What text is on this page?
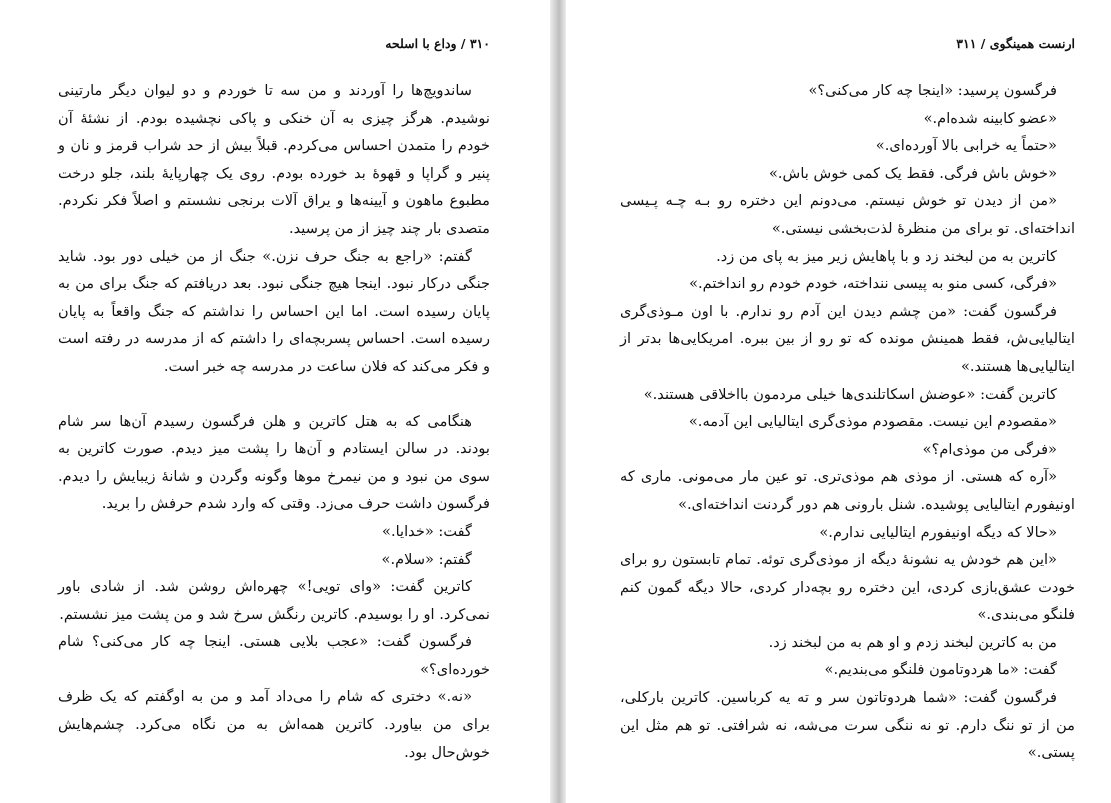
۳۱۰ / وداع با اسلحه

ساندویچ‌ها را آوردند و من سه تا خوردم و دو لیوان دیگر مارتینی نوشیدم. هرگز چیزی به آن خنکی و پاکی نچشیده بودم. از نشئهٔ آن خودم را متمدن احساس می‌کردم. قبلاً بیش از حد شراب قرمز و نان و پنیر و گراپا و قهوهٔ بد خورده بودم. روی یک چهارپایهٔ بلند، جلو درخت مطبوع ماهون و آیینه‌ها و یراق آلات برنجی نشستم و اصلاً فکر نکردم. متصدی بار چند چیز از من پرسید.

گفتم: «راجع به جنگ حرف نزن.» جنگ از من خیلی دور بود. شاید جنگی درکار نبود. اینجا هیچ جنگی نبود. بعد دریافتم که جنگ برای من به پایان رسیده است. اما این احساس را نداشتم که جنگ واقعاً به پایان رسیده است. احساس پسربچه‌ای را داشتم که از مدرسه در رفته است و فکر می‌کند که فلان ساعت در مدرسه چه خبر است.

هنگامی که به هتل کاترین و هلن فرگسون رسیدم آن‌ها سر شام بودند. در سالن ایستادم و آن‌ها را پشت میز دیدم. صورت کاترین به سوی من نبود و من نیمرخ موها وگونه وگردن و شانهٔ زیبایش را دیدم. فرگسون داشت حرف می‌زد. وقتی که وارد شدم حرفش را برید.

گفت: «خدایا.»

گفتم: «سلام.»

کاترین گفت: «وای تویی!» چهره‌اش روشن شد. از شادی باور نمی‌کرد. او را بوسیدم. کاترین رنگش سرخ شد و من پشت میز نشستم.

فرگسون گفت: «عجب بلایی هستی. اینجا چه کار می‌کنی؟ شام خورده‌ای؟»

«نه.» دختری که شام را می‌داد آمد و من به اوگفتم که یک ظرف برای من بیاورد. کاترین همه‌اش به من نگاه می‌کرد. چشم‌هایش خوش‌حال بود.

ارنست همینگوی / ۳۱۱

فرگسون پرسید: «اینجا چه کار می‌کنی؟»

«عضو کابینه شده‌ام.»

«حتماً یه خرابی بالا آورده‌ای.»

«خوش باش فرگی. فقط یک کمی خوش باش.»

«من از دیدن تو خوش نیستم. می‌دونم این دختره رو بـه چـه پـیسی انداخته‌ای. تو برای من منظرهٔ لذت‌بخشی نیستی.»

کاترین به من لبخند زد و با پاهایش زیر میز به پای من زد.

«فرگی، کسی منو به پیسی ننداخته، خودم خودم رو انداختم.»

فرگسون گفت: «من چشم دیدن این آدم رو ندارم. با اون مـوذی‌گری ایتالیایی‌ش، فقط همینش مونده که تو رو از بین ببره. امریکایی‌ها بدتر از ایتالیایی‌ها هستند.»

کاترین گفت: «عوضش اسکاتلندی‌ها خیلی مردمون بااخلاقی هستند.»

«مقصودم این نیست. مقصودم موذی‌گری ایتالیایی این آدمه.»

«فرگی من موذی‌ام؟»

«آره که هستی. از موذی هم موذی‌تری. تو عین مار می‌مونی. ماری که اونیفورم ایتالیایی پوشیده. شنل بارونی هم دور گردنت انداخته‌ای.»

«حالا که دیگه اونیفورم ایتالیایی ندارم.»

«این هم خودش یه نشونهٔ دیگه از موذی‌گری تو‌ئه. تمام تابستون رو برای خودت عشق‌بازی کردی، این دختره رو بچه‌دار کردی، حالا دیگه گمون کنم فلنگو می‌بندی.»

من به کاترین لبخند زدم و او هم به من لبخند زد.

گفت: «ما هردوتامون فلنگو می‌بندیم.»

فرگسون گفت: «شما هردوتاتون سر و ته یه کرباسین. کاترین بارکلی، من از تو ننگ دارم. تو نه ننگی سرت می‌شه، نه شرافتی. تو هم مثل این پستی.»
